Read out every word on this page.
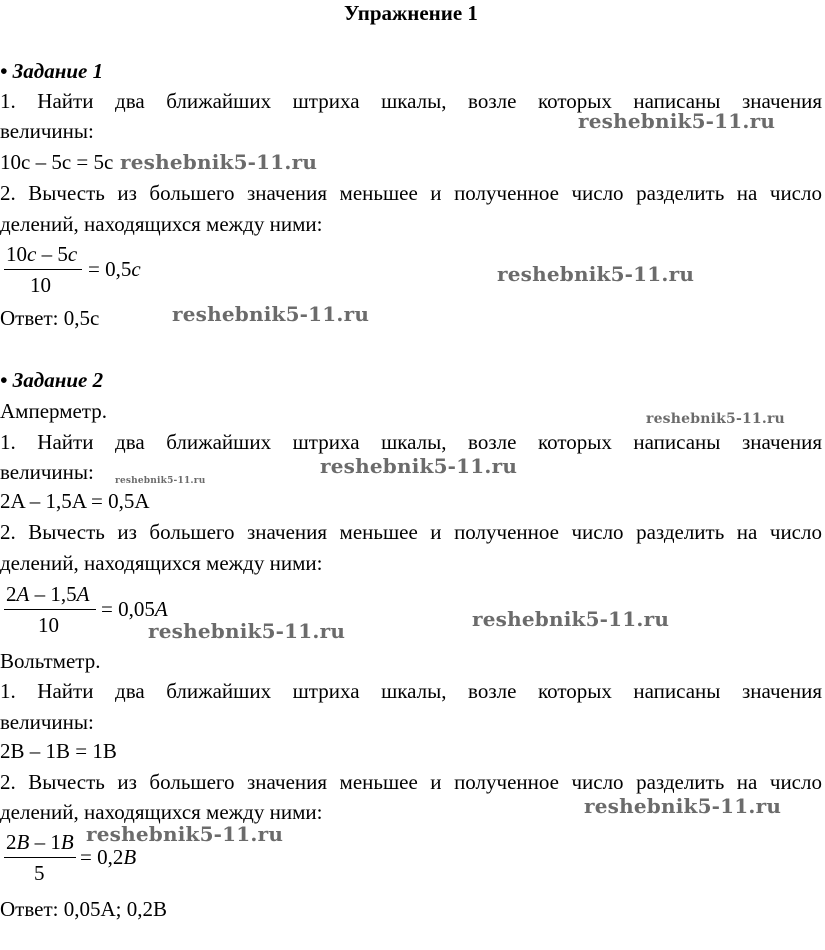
Упражнение 1
• Задание 1
1. Найти два ближайших штриха шкалы, возле которых написаны значения
величины:
10c – 5c = 5c
2. Вычесть из большего значения меньшее и полученное число разделить на число
делений, находящихся между ними:
10c – 5c
10
= 0,5c
Ответ: 0,5с
• Задание 2
Амперметр.
1. Найти два ближайших штриха шкалы, возле которых написаны значения
величины:
2A – 1,5A = 0,5A
2. Вычесть из большего значения меньшее и полученное число разделить на число
делений, находящихся между ними:
2A – 1,5A
10
= 0,05A
Вольтметр.
1. Найти два ближайших штриха шкалы, возле которых написаны значения
величины:
2B – 1B = 1B
2. Вычесть из большего значения меньшее и полученное число разделить на число
делений, находящихся между ними:
2B – 1B
5
= 0,2B
Ответ: 0,05А; 0,2В
reshebnik5-11.ru
reshebnik5-11.ru
reshebnik5-11.ru
reshebnik5-11.ru
reshebnik5-11.ru
reshebnik5-11.ru
reshebnik5-11.ru
reshebnik5-11.ru
reshebnik5-11.ru
reshebnik5-11.ru
reshebnik5-11.ru
